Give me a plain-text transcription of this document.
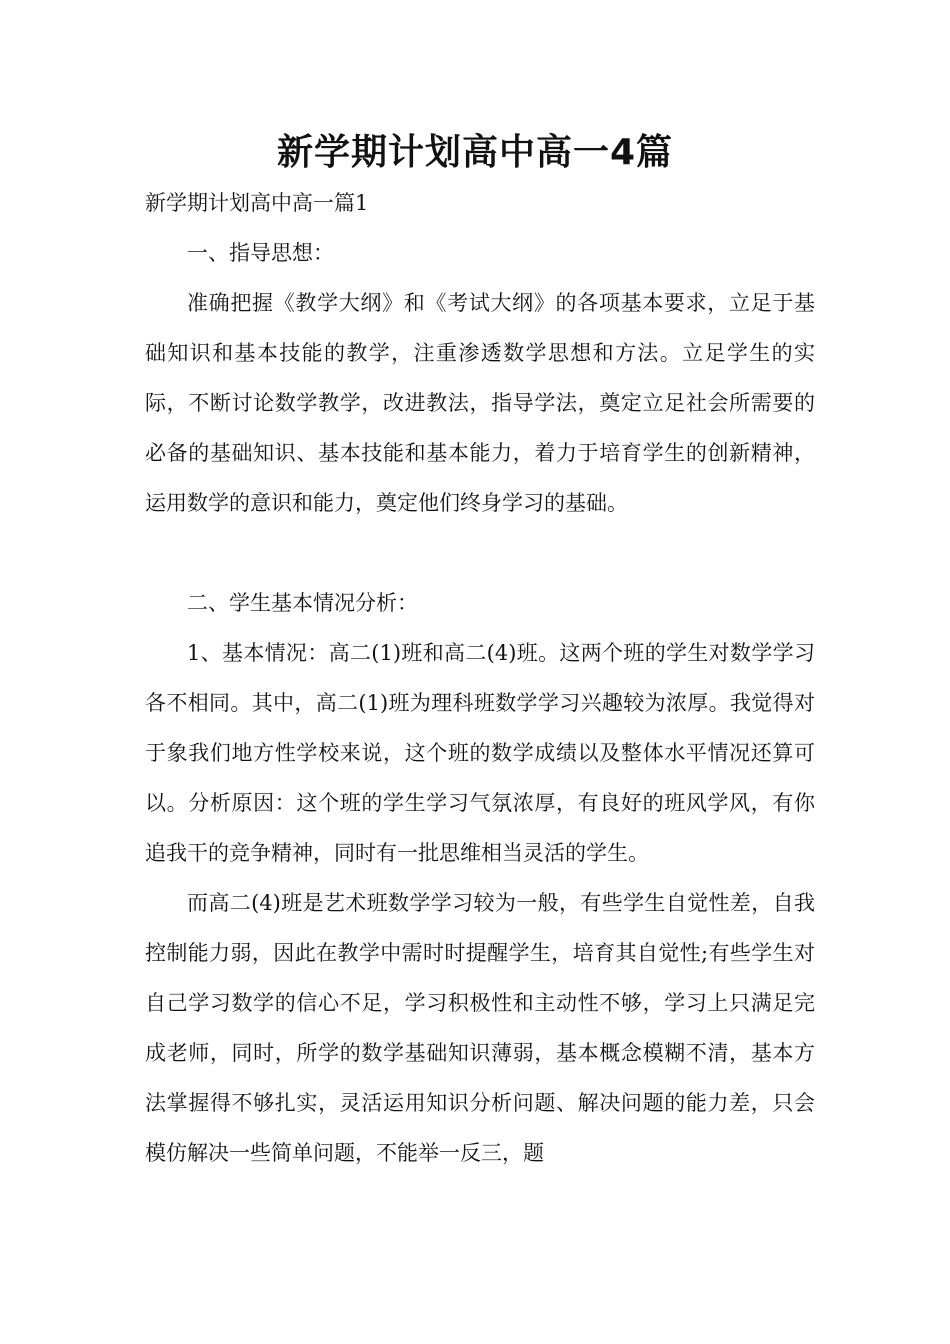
新学期计划高中高一4篇

新学期计划高中高一篇1

一、指导思想：

准确把握《教学大纲》和《考试大纲》的各项基本要求，立足于基础知识和基本技能的教学，注重渗透数学思想和方法。立足学生的实际，不断讨论数学教学，改进教法，指导学法，奠定立足社会所需要的必备的基础知识、基本技能和基本能力，着力于培育学生的创新精神，运用数学的意识和能力，奠定他们终身学习的基础。

二、学生基本情况分析：

1、基本情况：高二(1)班和高二(4)班。这两个班的学生对数学学习各不相同。其中，高二(1)班为理科班数学学习兴趣较为浓厚。我觉得对于象我们地方性学校来说，这个班的数学成绩以及整体水平情况还算可以。分析原因：这个班的学生学习气氛浓厚，有良好的班风学风，有你追我干的竞争精神，同时有一批思维相当灵活的学生。

而高二(4)班是艺术班数学学习较为一般，有些学生自觉性差，自我控制能力弱，因此在教学中需时时提醒学生，培育其自觉性;有些学生对自己学习数学的信心不足，学习积极性和主动性不够，学习上只满足完成老师，同时，所学的数学基础知识薄弱，基本概念模糊不清，基本方法掌握得不够扎实，灵活运用知识分析问题、解决问题的能力差，只会模仿解决一些简单问题，不能举一反三，题
